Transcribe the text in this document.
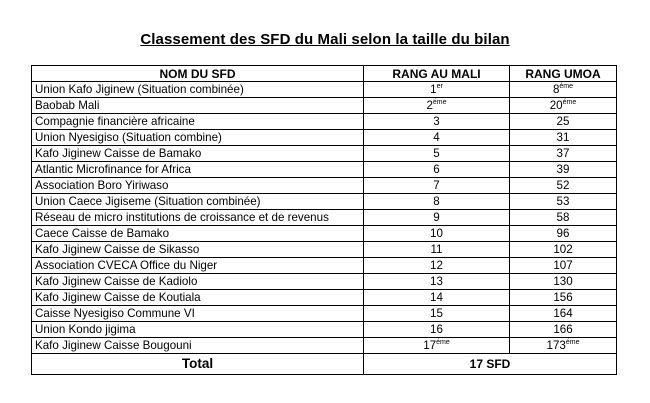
Classement des SFD du Mali selon la taille du bilan
NOM DU SFD	RANG AU MALI	RANG UMOA
Union Kafo Jiginew (Situation combinée)	1er	$8^{éme}$
Baobab Mali	$2^{éme}$	$20^{éme}$
Compagnie financière africaine	3	25
Union Nyesigiso (Situation combine)	4	31
Kafo Jiginew Caisse de Bamako	5	37
Atlantic Microfinance for Africa	6	39
Association Boro Yiriwaso	7	52
Union Caece Jigiseme (Situation combinée)	8	53
Réseau de micro institutions de croissance et de revenus	9	58
Caece Caisse de Bamako	10	96
Kafo Jiginew Caisse de Sikasso	11	102
Association CVECA Office du Niger	12	107
Kafo Jiginew Caisse de Kadiolo	13	130
Kafo Jiginew Caisse de Koutiala	14	156
Caisse Nyesigiso Commune VI	15	164
Union Kondo jigima	16	166
Kafo Jiginew Caisse Bougouni	$17^{éme}$	$173^{éme}$
Total	17 SFD	
